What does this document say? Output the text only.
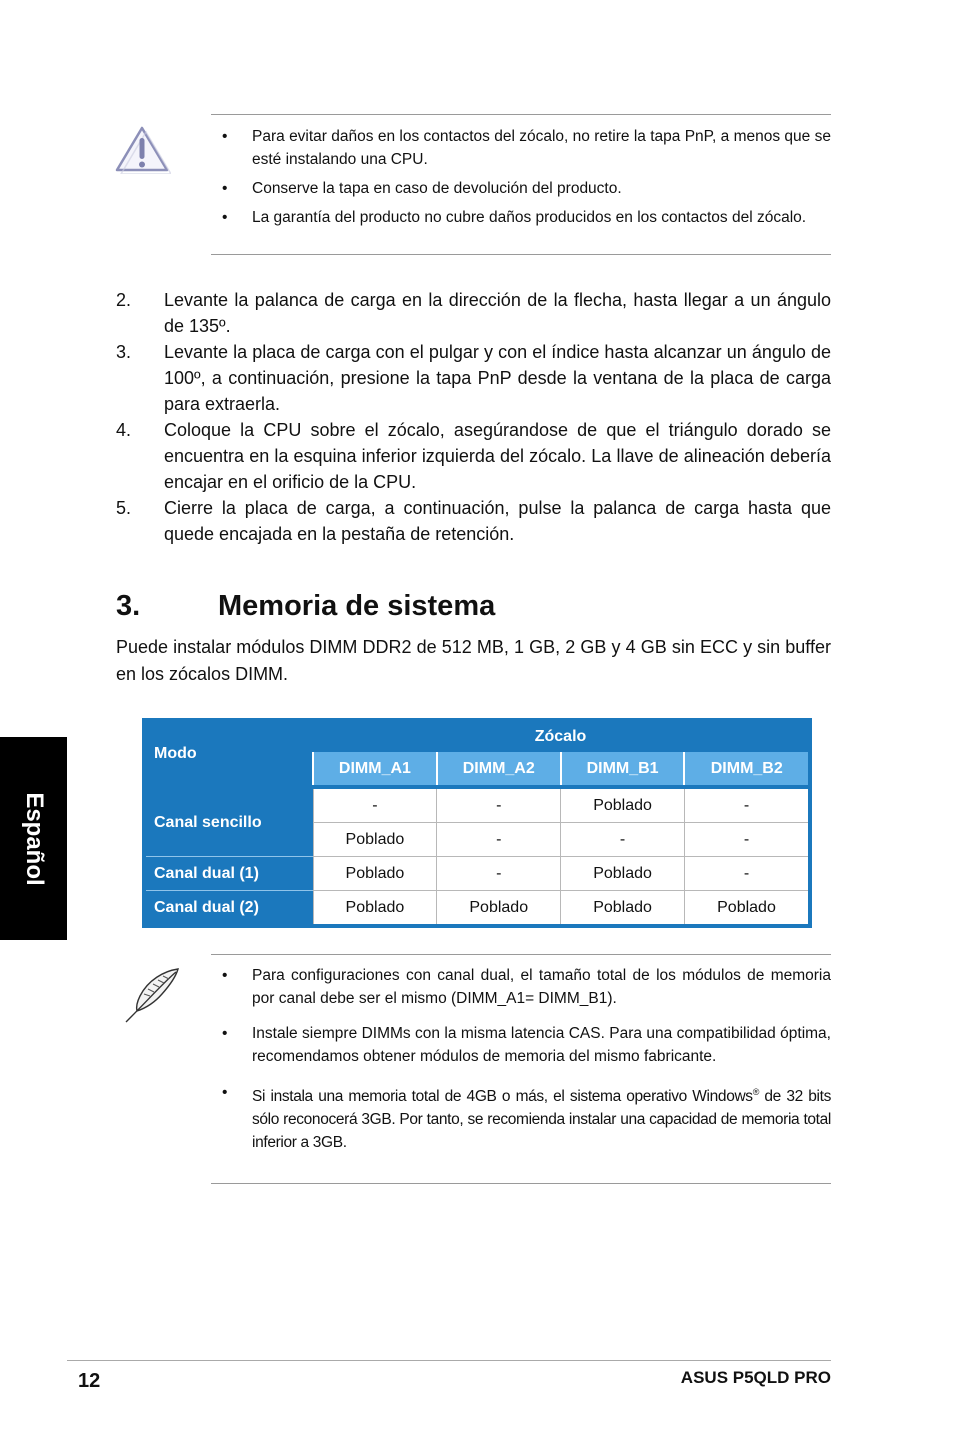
• Para evitar daños en los contactos del zócalo, no retire la tapa PnP, a menos que se esté instalando una CPU.
• Conserve la tapa en caso de devolución del producto.
• La garantía del producto no cubre daños producidos en los contactos del zócalo.
2. Levante la palanca de carga en la dirección de la flecha, hasta llegar a un ángulo de 135º.
3. Levante la placa de carga con el pulgar y con el índice hasta alcanzar un ángulo de 100º, a continuación, presione la tapa PnP desde la ventana de la placa de carga para extraerla.
4. Coloque la CPU sobre el zócalo, asegúrandose de que el triángulo dorado se encuentra en la esquina inferior izquierda del zócalo. La llave de alineación debería encajar en el orificio de la CPU.
5. Cierre la placa de carga, a continuación, pulse la palanca de carga hasta que quede encajada en la pestaña de retención.
3.	Memoria de sistema

Puede instalar módulos DIMM DDR2 de 512 MB, 1 GB, 2 GB y 4 GB sin ECC y sin buffer en los zócalos DIMM.

Modo	Zócalo			
	DIMM_A1	DIMM_A2	DIMM_B1	DIMM_B2
Canal sencillo	-	-	Poblado	-
	Poblado	-	-	-
Canal dual (1)	Poblado	-	Poblado	-
Canal dual (2)	Poblado	Poblado	Poblado	Poblado
Español
• Para configuraciones con canal dual, el tamaño total de los módulos de memoria por canal debe ser el mismo (DIMM_A1= DIMM_B1).
• Instale siempre DIMMs con la misma latencia CAS. Para una compatibilidad óptima, recomendamos obtener módulos de memoria del mismo fabricante.
• Si instala una memoria total de 4GB o más, el sistema operativo Windows® de 32 bits sólo reconocerá 3GB. Por tanto, se recomienda instalar una capacidad de memoria total inferior a 3GB.
12	ASUS P5QLD PRO
